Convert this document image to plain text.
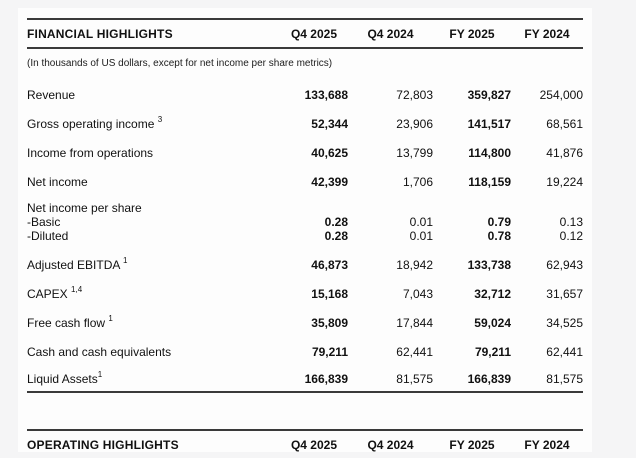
FINANCIAL HIGHLIGHTS	Q4 2025	Q4 2024	FY 2025	FY 2024
(In thousands of US dollars, except for net income per share metrics)
Revenue	133,688	72,803	359,827	254,000
Gross operating income $^3$	52,344	23,906	141,517	68,561
Income from operations	40,625	13,799	114,800	41,876
Net income	42,399	1,706	118,159	19,224
Net income per share
-Basic	0.28	0.01	0.79	0.13
-Diluted	0.28	0.01	0.78	0.12
Adjusted EBITDA $^1$	46,873	18,942	133,738	62,943
CAPEX $^{1,4}$	15,168	7,043	32,712	31,657
Free cash flow $^1$	35,809	17,844	59,024	34,525
Cash and cash equivalents	79,211	62,441	79,211	62,441
Liquid Assets$^1$	166,839	81,575	166,839	81,575
OPERATING HIGHLIGHTS	Q4 2025	Q4 2024	FY 2025	FY 2024
